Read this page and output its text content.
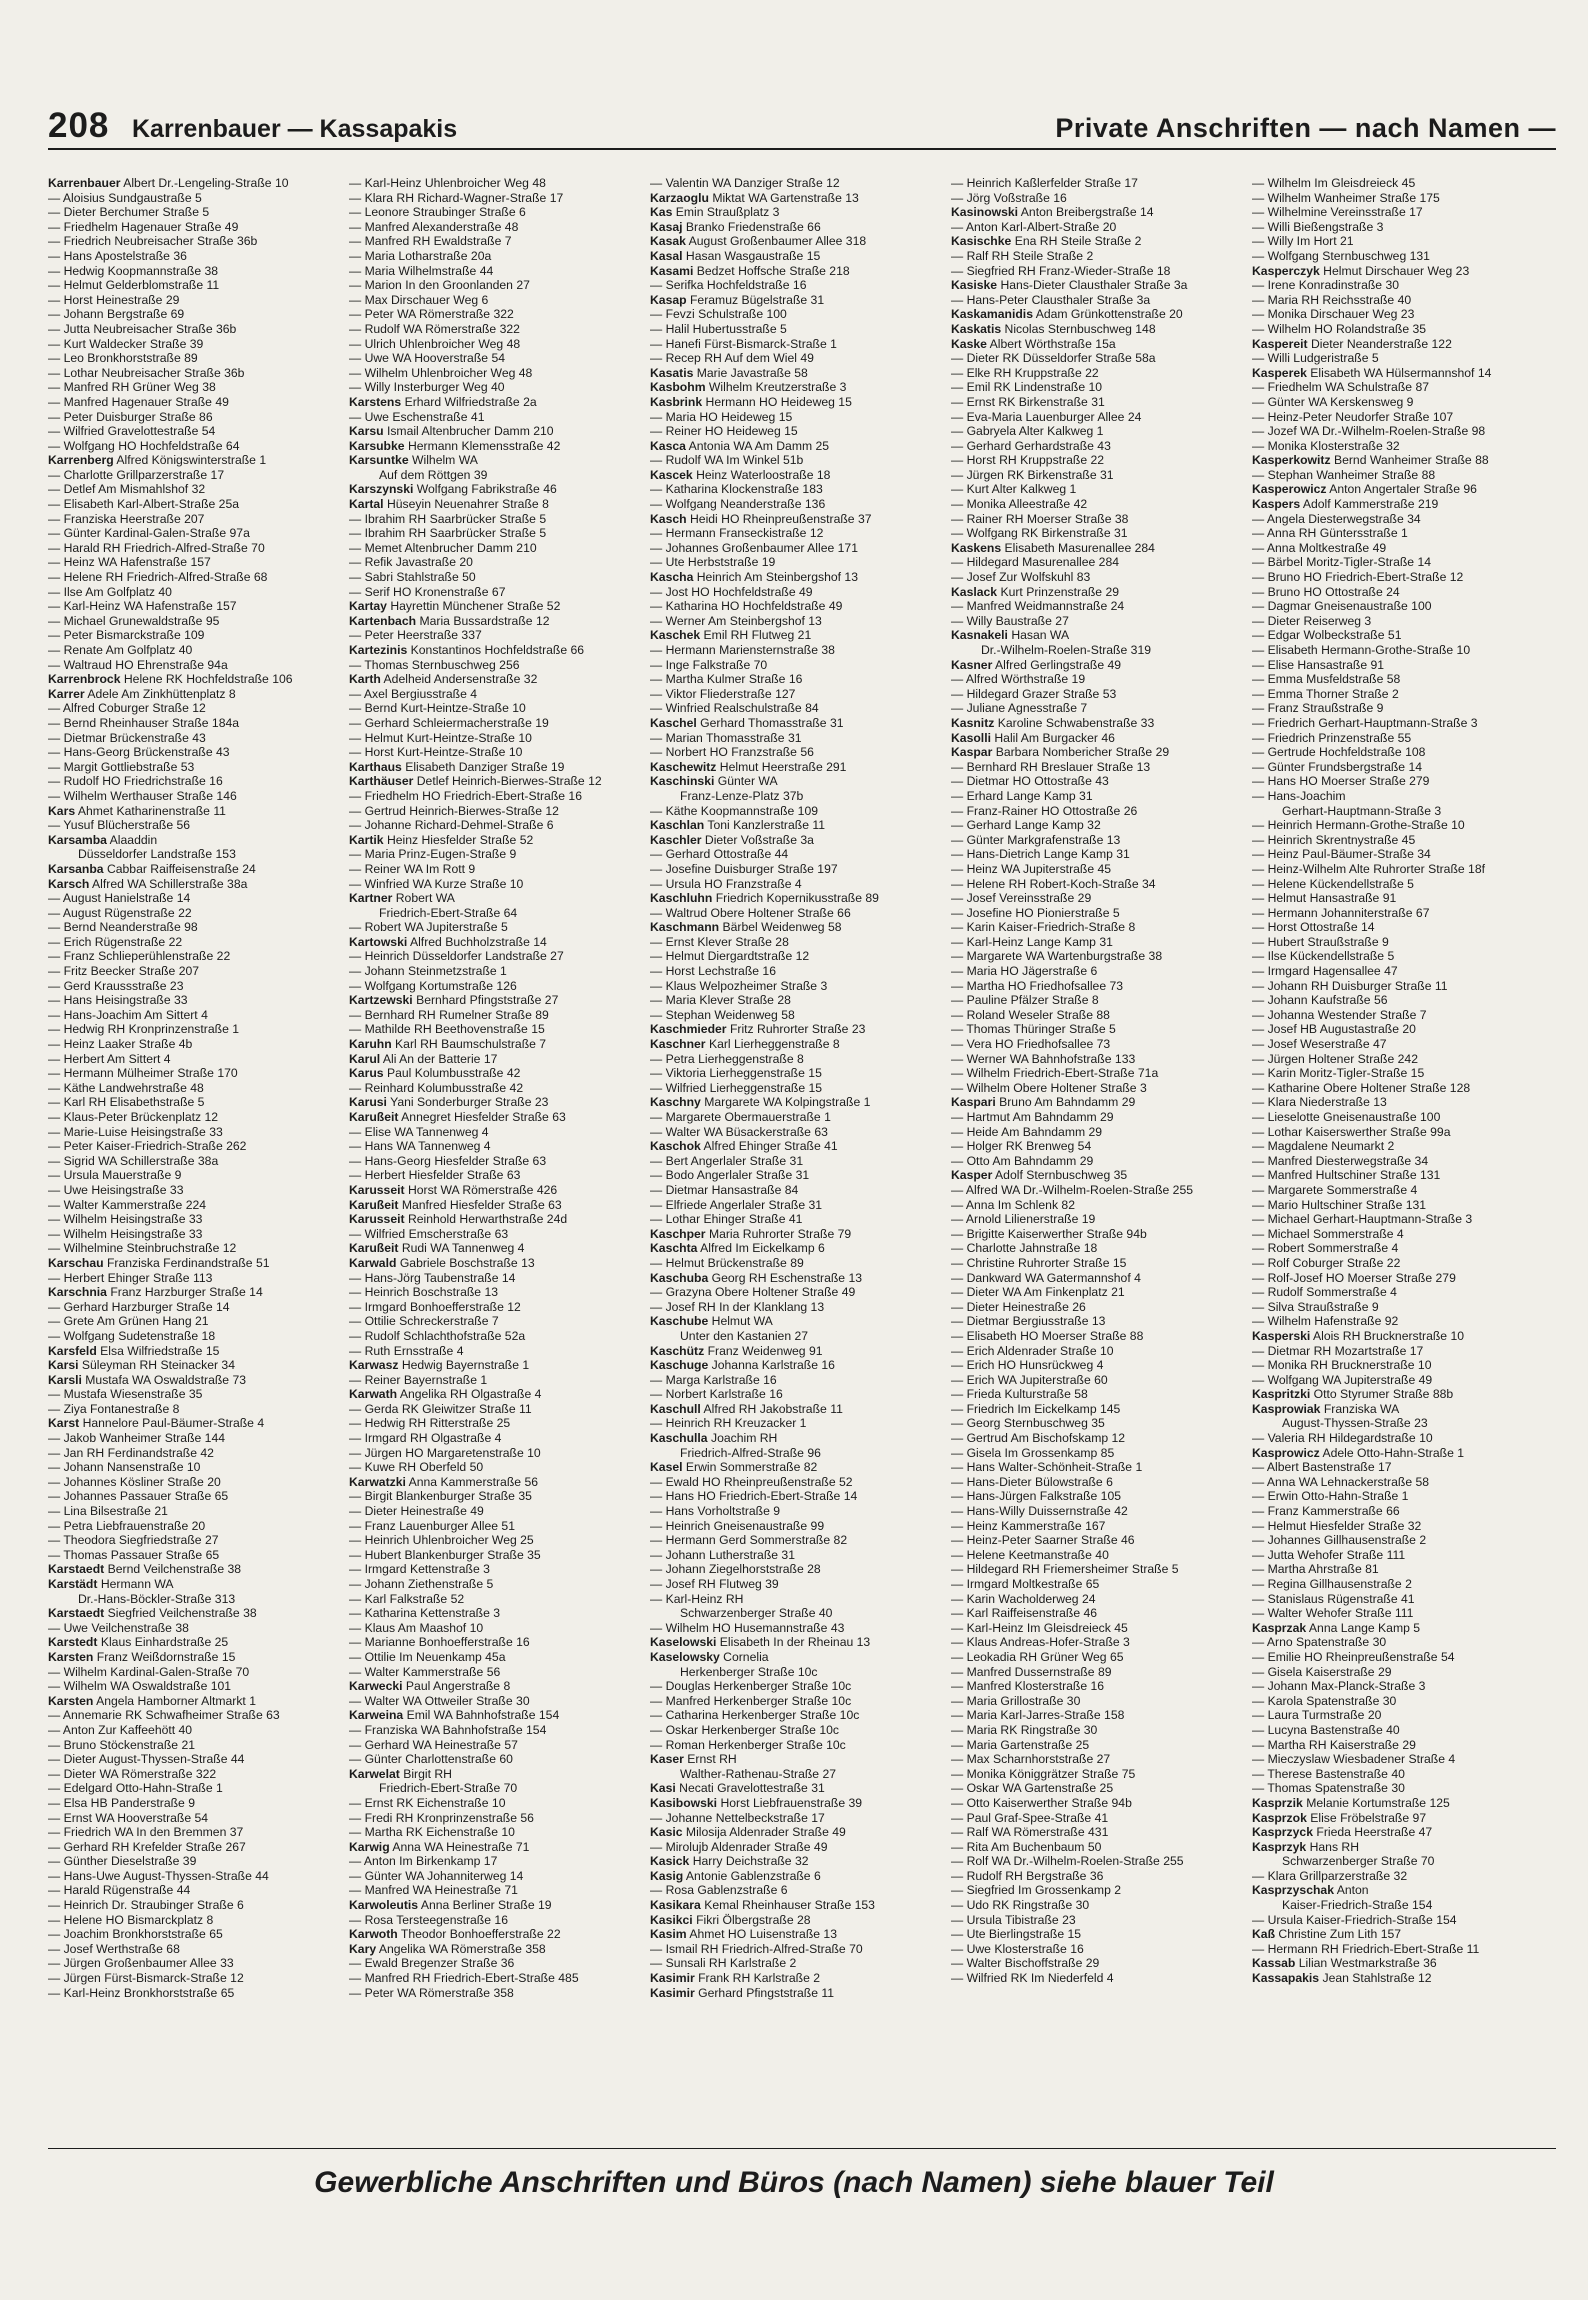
208 Karrenbauer — Kassapakis	Private Anschriften — nach Namen —
Karrenbauer Albert Dr.-Lengeling-Straße 10
— Aloisius Sundgaustraße 5
— Dieter Berchumer Straße 5
— Friedhelm Hagenauer Straße 49
— Friedrich Neubreisacher Straße 36b
— Hans Apostelstraße 36
— Hedwig Koopmannstraße 38
— Helmut Gelderblomstraße 11
— Horst Heinestraße 29
— Johann Bergstraße 69
— Jutta Neubreisacher Straße 36b
— Kurt Waldecker Straße 39
— Leo Bronkhorststraße 89
— Lothar Neubreisacher Straße 36b
— Manfred RH Grüner Weg 38
— Manfred Hagenauer Straße 49
— Peter Duisburger Straße 86
— Wilfried Gravelottestraße 54
— Wolfgang HO Hochfeldstraße 64
Karrenberg Alfred Königswinterstraße 1
— Charlotte Grillparzerstraße 17
— Detlef Am Mismahlshof 32
— Elisabeth Karl-Albert-Straße 25a
— Franziska Heerstraße 207
— Günter Kardinal-Galen-Straße 97a
— Harald RH Friedrich-Alfred-Straße 70
— Heinz WA Hafenstraße 157
— Helene RH Friedrich-Alfred-Straße 68
— Ilse Am Golfplatz 40
— Karl-Heinz WA Hafenstraße 157
— Michael Grunewaldstraße 95
— Peter Bismarckstraße 109
— Renate Am Golfplatz 40
— Waltraud HO Ehrenstraße 94a
Karrenbrock Helene RK Hochfeldstraße 106
Karrer Adele Am Zinkhüttenplatz 8
— Alfred Coburger Straße 12
— Bernd Rheinhauser Straße 184a
— Dietmar Brückenstraße 43
— Hans-Georg Brückenstraße 43
— Margit Gottliebstraße 53
— Rudolf HO Friedrichstraße 16
— Wilhelm Werthauser Straße 146
Kars Ahmet Katharinenstraße 11
— Yusuf Blücherstraße 56
Karsamba Alaaddin
Düsseldorfer Landstraße 153
Karsanba Cabbar Raiffeisenstraße 24
Karsch Alfred WA Schillerstraße 38a
— August Hanielstraße 14
— August Rügenstraße 22
— Bernd Neanderstraße 98
— Erich Rügenstraße 22
— Franz Schlieperühlenstraße 22
— Fritz Beecker Straße 207
— Gerd Kraussstraße 23
— Hans Heisingstraße 33
— Hans-Joachim Am Sittert 4
— Hedwig RH Kronprinzenstraße 1
— Heinz Laaker Straße 4b
— Herbert Am Sittert 4
— Hermann Mülheimer Straße 170
— Käthe Landwehrstraße 48
— Karl RH Elisabethstraße 5
— Klaus-Peter Brückenplatz 12
— Marie-Luise Heisingstraße 33
— Peter Kaiser-Friedrich-Straße 262
— Sigrid WA Schillerstraße 38a
— Ursula Mauerstraße 9
— Uwe Heisingstraße 33
— Walter Kammerstraße 224
— Wilhelm Heisingstraße 33
— Wilhelm Heisingstraße 33
— Wilhelmine Steinbruchstraße 12
Karschau Franziska Ferdinandstraße 51
— Herbert Ehinger Straße 113
Karschnia Franz Harzburger Straße 14
— Gerhard Harzburger Straße 14
— Grete Am Grünen Hang 21
— Wolfgang Sudetenstraße 18
Karsfeld Elsa Wilfriedstraße 15
Karsi Süleyman RH Steinacker 34
Karsli Mustafa WA Oswaldstraße 73
— Mustafa Wiesenstraße 35
— Ziya Fontanestraße 8
Karst Hannelore Paul-Bäumer-Straße 4
— Jakob Wanheimer Straße 144
— Jan RH Ferdinandstraße 42
— Johann Nansenstraße 10
— Johannes Kösliner Straße 20
— Johannes Passauer Straße 65
— Lina Bilsestraße 21
— Petra Liebfrauenstraße 20
— Theodora Siegfriedstraße 27
— Thomas Passauer Straße 65
Karstaedt Bernd Veilchenstraße 38
Karstädt Hermann WA
Dr.-Hans-Böckler-Straße 313
Karstaedt Siegfried Veilchenstraße 38
— Uwe Veilchenstraße 38
Karstedt Klaus Einhardstraße 25
Karsten Franz Weißdornstraße 15
— Wilhelm Kardinal-Galen-Straße 70
— Wilhelm WA Oswaldstraße 101
Karsten Angela Hamborner Altmarkt 1
— Annemarie RK Schwafheimer Straße 63
— Anton Zur Kaffeehött 40
— Bruno Stöckenstraße 21
— Dieter August-Thyssen-Straße 44
— Dieter WA Römerstraße 322
— Edelgard Otto-Hahn-Straße 1
— Elsa HB Panderstraße 9
— Ernst WA Hooverstraße 54
— Friedrich WA In den Bremmen 37
— Gerhard RH Krefelder Straße 267
— Günther Dieselstraße 39
— Hans-Uwe August-Thyssen-Straße 44
— Harald Rügenstraße 44
— Heinrich Dr. Straubinger Straße 6
— Helene HO Bismarckplatz 8
— Joachim Bronkhorststraße 65
— Josef Werthstraße 68
— Jürgen Großenbaumer Allee 33
— Jürgen Fürst-Bismarck-Straße 12
— Karl-Heinz Bronkhorststraße 65
— Karl-Heinz Uhlenbroicher Weg 48
— Klara RH Richard-Wagner-Straße 17
— Leonore Straubinger Straße 6
— Manfred Alexanderstraße 48
— Manfred RH Ewaldstraße 7
— Maria Lotharstraße 20a
— Maria Wilhelmstraße 44
— Marion In den Groonlanden 27
— Max Dirschauer Weg 6
— Peter WA Römerstraße 322
— Rudolf WA Römerstraße 322
— Ulrich Uhlenbroicher Weg 48
— Uwe WA Hooverstraße 54
— Wilhelm Uhlenbroicher Weg 48
— Willy Insterburger Weg 40
Karstens Erhard Wilfriedstraße 2a
— Uwe Eschenstraße 41
Karsu Ismail Altenbrucher Damm 210
Karsubke Hermann Klemensstraße 42
Karsuntke Wilhelm WA
Auf dem Röttgen 39
Karszynski Wolfgang Fabrikstraße 46
Kartal Hüseyin Neuenahrer Straße 8
— Ibrahim RH Saarbrücker Straße 5
— Ibrahim RH Saarbrücker Straße 5
— Memet Altenbrucher Damm 210
— Refik Javastraße 20
— Sabri Stahlstraße 50
— Serif HO Kronenstraße 67
Kartay Hayrettin Münchener Straße 52
Kartenbach Maria Bussardstraße 12
— Peter Heerstraße 337
Kartezinis Konstantinos Hochfeldstraße 66
— Thomas Sternbuschweg 256
Karth Adelheid Andersenstraße 32
— Axel Bergiusstraße 4
— Bernd Kurt-Heintze-Straße 10
— Gerhard Schleiermacherstraße 19
— Helmut Kurt-Heintze-Straße 10
— Horst Kurt-Heintze-Straße 10
Karthaus Elisabeth Danziger Straße 19
Karthäuser Detlef Heinrich-Bierwes-Straße 12
— Friedhelm HO Friedrich-Ebert-Straße 16
— Gertrud Heinrich-Bierwes-Straße 12
— Johanne Richard-Dehmel-Straße 6
Kartik Heinz Hiesfelder Straße 52
— Maria Prinz-Eugen-Straße 9
— Reiner WA Im Rott 9
— Winfried WA Kurze Straße 10
Kartner Robert WA
Friedrich-Ebert-Straße 64
— Robert WA Jupiterstraße 5
Kartowski Alfred Buchholzstraße 14
— Heinrich Düsseldorfer Landstraße 27
— Johann Steinmetzstraße 1
— Wolfgang Kortumstraße 126
Kartzewski Bernhard Pfingststraße 27
— Bernhard RH Rumelner Straße 89
— Mathilde RH Beethovenstraße 15
Karuhn Karl RH Baumschulstraße 7
Karul Ali An der Batterie 17
Karus Paul Kolumbusstraße 42
— Reinhard Kolumbusstraße 42
Karusi Yani Sonderburger Straße 23
Karußeit Annegret Hiesfelder Straße 63
— Elise WA Tannenweg 4
— Hans WA Tannenweg 4
— Hans-Georg Hiesfelder Straße 63
— Herbert Hiesfelder Straße 63
Karusseit Horst WA Römerstraße 426
Karußeit Manfred Hiesfelder Straße 63
Karusseit Reinhold Herwarthstraße 24d
— Wilfried Emscherstraße 63
Karußeit Rudi WA Tannenweg 4
Karwald Gabriele Boschstraße 13
— Hans-Jörg Taubenstraße 14
— Heinrich Boschstraße 13
— Irmgard Bonhoefferstraße 12
— Ottilie Schreckerstraße 7
— Rudolf Schlachthofstraße 52a
— Ruth Ernsstraße 4
Karwasz Hedwig Bayernstraße 1
— Reiner Bayernstraße 1
Karwath Angelika RH Olgastraße 4
— Gerda RK Gleiwitzer Straße 11
— Hedwig RH Ritterstraße 25
— Irmgard RH Olgastraße 4
— Jürgen HO Margaretenstraße 10
— Kuwe RH Oberfeld 50
Karwatzki Anna Kammerstraße 56
— Birgit Blankenburger Straße 35
— Dieter Heinestraße 49
— Franz Lauenburger Allee 51
— Heinrich Uhlenbroicher Weg 25
— Hubert Blankenburger Straße 35
— Irmgard Kettenstraße 3
— Johann Ziethenstraße 5
— Karl Falkstraße 52
— Katharina Kettenstraße 3
— Klaus Am Maashof 10
— Marianne Bonhoefferstraße 16
— Ottilie Im Neuenkamp 45a
— Walter Kammerstraße 56
Karwecki Paul Angerstraße 8
— Walter WA Ottweiler Straße 30
Karweina Emil WA Bahnhofstraße 154
— Franziska WA Bahnhofstraße 154
— Gerhard WA Heinestraße 57
— Günter Charlottenstraße 60
Karwelat Birgit RH
Friedrich-Ebert-Straße 70
— Ernst RK Eichenstraße 10
— Fredi RH Kronprinzenstraße 56
— Martha RK Eichenstraße 10
Karwig Anna WA Heinestraße 71
— Anton Im Birkenkamp 17
— Günter WA Johanniterweg 14
— Manfred WA Heinestraße 71
Karwoleutis Anna Berliner Straße 19
— Rosa Tersteegenstraße 16
Karwoth Theodor Bonhoefferstraße 22
Kary Angelika WA Römerstraße 358
— Ewald Bregenzer Straße 36
— Manfred RH Friedrich-Ebert-Straße 485
— Peter WA Römerstraße 358
— Valentin WA Danziger Straße 12
Karzaoglu Miktat WA Gartenstraße 13
Kas Emin Straußplatz 3
Kasaj Branko Friedenstraße 66
Kasak August Großenbaumer Allee 318
Kasal Hasan Wasgaustraße 15
Kasami Bedzet Hoffsche Straße 218
— Serifka Hochfeldstraße 16
Kasap Feramuz Bügelstraße 31
— Fevzi Schulstraße 100
— Halil Hubertusstraße 5
— Hanefi Fürst-Bismarck-Straße 1
— Recep RH Auf dem Wiel 49
Kasatis Marie Javastraße 58
Kasbohm Wilhelm Kreutzerstraße 3
Kasbrink Hermann HO Heideweg 15
— Maria HO Heideweg 15
— Reiner HO Heideweg 15
Kasca Antonia WA Am Damm 25
— Rudolf WA Im Winkel 51b
Kascek Heinz Waterloostraße 18
— Katharina Klockenstraße 183
— Wolfgang Neanderstraße 136
Kasch Heidi HO Rheinpreußenstraße 37
— Hermann Franseckistraße 12
— Johannes Großenbaumer Allee 171
— Ute Herbststraße 19
Kascha Heinrich Am Steinbergshof 13
— Jost HO Hochfeldstraße 49
— Katharina HO Hochfeldstraße 49
— Werner Am Steinbergshof 13
Kaschek Emil RH Flutweg 21
— Hermann Mariensternstraße 38
— Inge Falkstraße 70
— Martha Kulmer Straße 16
— Viktor Fliederstraße 127
— Winfried Realschulstraße 84
Kaschel Gerhard Thomasstraße 31
— Marian Thomasstraße 31
— Norbert HO Franzstraße 56
Kaschewitz Helmut Heerstraße 291
Kaschinski Günter WA
Franz-Lenze-Platz 37b
— Käthe Koopmannstraße 109
Kaschlan Toni Kanzlerstraße 11
Kaschler Dieter Voßstraße 3a
— Gerhard Ottostraße 44
— Josefine Duisburger Straße 197
— Ursula HO Franzstraße 4
Kaschluhn Friedrich Kopernikusstraße 89
— Waltrud Obere Holtener Straße 66
Kaschmann Bärbel Weidenweg 58
— Ernst Klever Straße 28
— Helmut Diergardtstraße 12
— Horst Lechstraße 16
— Klaus Welpozheimer Straße 3
— Maria Klever Straße 28
— Stephan Weidenweg 58
Kaschmieder Fritz Ruhrorter Straße 23
Kaschner Karl Lierheggenstraße 8
— Petra Lierheggenstraße 8
— Viktoria Lierheggenstraße 15
— Wilfried Lierheggenstraße 15
Kaschny Margarete WA Kolpingstraße 1
— Margarete Obermauerstraße 1
— Walter WA Büsackerstraße 63
Kaschok Alfred Ehinger Straße 41
— Bert Angerlaler Straße 31
— Bodo Angerlaler Straße 31
— Dietmar Hansastraße 84
— Elfriede Angerlaler Straße 31
— Lothar Ehinger Straße 41
Kaschper Maria Ruhrorter Straße 79
Kaschta Alfred Im Eickelkamp 6
— Helmut Brückenstraße 89
Kaschuba Georg RH Eschenstraße 13
— Grazyna Obere Holtener Straße 49
— Josef RH In der Klanklang 13
Kaschube Helmut WA
Unter den Kastanien 27
Kaschütz Franz Weidenweg 91
Kaschuge Johanna Karlstraße 16
— Marga Karlstraße 16
— Norbert Karlstraße 16
Kaschull Alfred RH Jakobstraße 11
— Heinrich RH Kreuzacker 1
Kaschulla Joachim RH
Friedrich-Alfred-Straße 96
Kasel Erwin Sommerstraße 82
— Ewald HO Rheinpreußenstraße 52
— Hans HO Friedrich-Ebert-Straße 14
— Hans Vorholtstraße 9
— Heinrich Gneisenaustraße 99
— Hermann Gerd Sommerstraße 82
— Johann Lutherstraße 31
— Johann Ziegelhorststraße 28
— Josef RH Flutweg 39
— Karl-Heinz RH
Schwarzenberger Straße 40
— Wilhelm HO Husemannstraße 43
Kaselowski Elisabeth In der Rheinau 13
Kaselowsky Cornelia
Herkenberger Straße 10c
— Douglas Herkenberger Straße 10c
— Manfred Herkenberger Straße 10c
— Catharina Herkenberger Straße 10c
— Oskar Herkenberger Straße 10c
— Roman Herkenberger Straße 10c
Kaser Ernst RH
Walther-Rathenau-Straße 27
Kasi Necati Gravelottestraße 31
Kasibowski Horst Liebfrauenstraße 39
— Johanne Nettelbeckstraße 17
Kasic Milosija Aldenrader Straße 49
— Mirolujb Aldenrader Straße 49
Kasick Harry Deichstraße 32
Kasig Antonie Gablenzstraße 6
— Rosa Gablenzstraße 6
Kasikara Kemal Rheinhauser Straße 153
Kasikci Fikri Ölbergstraße 28
Kasim Ahmet HO Luisenstraße 13
— Ismail RH Friedrich-Alfred-Straße 70
— Sunsali RH Karlstraße 2
Kasimir Frank RH Karlstraße 2
Kasimir Gerhard Pfingststraße 11
— Heinrich Kaßlerfelder Straße 17
— Jörg Voßstraße 16
Kasinowski Anton Breibergstraße 14
— Anton Karl-Albert-Straße 20
Kasischke Ena RH Steile Straße 2
— Ralf RH Steile Straße 2
— Siegfried RH Franz-Wieder-Straße 18
Kasiske Hans-Dieter Clausthaler Straße 3a
— Hans-Peter Clausthaler Straße 3a
Kaskamanidis Adam Grünkottenstraße 20
Kaskatis Nicolas Sternbuschweg 148
Kaske Albert Wörthstraße 15a
— Dieter RK Düsseldorfer Straße 58a
— Elke RH Kruppstraße 22
— Emil RK Lindenstraße 10
— Ernst RK Birkenstraße 31
— Eva-Maria Lauenburger Allee 24
— Gabryela Alter Kalkweg 1
— Gerhard Gerhardstraße 43
— Horst RH Kruppstraße 22
— Jürgen RK Birkenstraße 31
— Kurt Alter Kalkweg 1
— Monika Alleestraße 42
— Rainer RH Moerser Straße 38
— Wolfgang RK Birkenstraße 31
Kaskens Elisabeth Masurenallee 284
— Hildegard Masurenallee 284
— Josef Zur Wolfskuhl 83
Kaslack Kurt Prinzenstraße 29
— Manfred Weidmannstraße 24
— Willy Baustraße 27
Kasnakeli Hasan WA
Dr.-Wilhelm-Roelen-Straße 319
Kasner Alfred Gerlingstraße 49
— Alfred Wörthstraße 19
— Hildegard Grazer Straße 53
— Juliane Agnesstraße 7
Kasnitz Karoline Schwabenstraße 33
Kasolli Halil Am Burgacker 46
Kaspar Barbara Nombericher Straße 29
— Bernhard RH Breslauer Straße 13
— Dietmar HO Ottostraße 43
— Erhard Lange Kamp 31
— Franz-Rainer HO Ottostraße 26
— Gerhard Lange Kamp 32
— Günter Markgrafenstraße 13
— Hans-Dietrich Lange Kamp 31
— Heinz WA Jupiterstraße 45
— Helene RH Robert-Koch-Straße 34
— Josef Vereinsstraße 29
— Josefine HO Pionierstraße 5
— Karin Kaiser-Friedrich-Straße 8
— Karl-Heinz Lange Kamp 31
— Margarete WA Wartenburgstraße 38
— Maria HO Jägerstraße 6
— Martha HO Friedhofsallee 73
— Pauline Pfälzer Straße 8
— Roland Weseler Straße 88
— Thomas Thüringer Straße 5
— Vera HO Friedhofsallee 73
— Werner WA Bahnhofstraße 133
— Wilhelm Friedrich-Ebert-Straße 71a
— Wilhelm Obere Holtener Straße 3
Kaspari Bruno Am Bahndamm 29
— Hartmut Am Bahndamm 29
— Heide Am Bahndamm 29
— Holger RK Brenweg 54
— Otto Am Bahndamm 29
Kasper Adolf Sternbuschweg 35
— Alfred WA Dr.-Wilhelm-Roelen-Straße 255
— Anna Im Schlenk 82
— Arnold Lilienerstraße 19
— Brigitte Kaiserwerther Straße 94b
— Charlotte Jahnstraße 18
— Christine Ruhrorter Straße 15
— Dankward WA Gatermannshof 4
— Dieter WA Am Finkenplatz 21
— Dieter Heinestraße 26
— Dietmar Bergiusstraße 13
— Elisabeth HO Moerser Straße 88
— Erich Aldenrader Straße 10
— Erich HO Hunsrückweg 4
— Erich WA Jupiterstraße 60
— Frieda Kulturstraße 58
— Friedrich Im Eickelkamp 145
— Georg Sternbuschweg 35
— Gertrud Am Bischofskamp 12
— Gisela Im Grossenkamp 85
— Hans Walter-Schönheit-Straße 1
— Hans-Dieter Bülowstraße 6
— Hans-Jürgen Falkstraße 105
— Hans-Willy Duissernstraße 42
— Heinz Kammerstraße 167
— Heinz-Peter Saarner Straße 46
— Helene Keetmanstraße 40
— Hildegard RH Friemersheimer Straße 5
— Irmgard Moltkestraße 65
— Karin Wacholderweg 24
— Karl Raiffeisenstraße 46
— Karl-Heinz Im Gleisdreieck 45
— Klaus Andreas-Hofer-Straße 3
— Leokadia RH Grüner Weg 65
— Manfred Dussernstraße 89
— Manfred Klosterstraße 16
— Maria Grillostraße 30
— Maria Karl-Jarres-Straße 158
— Maria RK Ringstraße 30
— Maria Gartenstraße 25
— Max Scharnhorststraße 27
— Monika Königgrätzer Straße 75
— Oskar WA Gartenstraße 25
— Otto Kaiserwerther Straße 94b
— Paul Graf-Spee-Straße 41
— Ralf WA Römerstraße 431
— Rita Am Buchenbaum 50
— Rolf WA Dr.-Wilhelm-Roelen-Straße 255
— Rudolf RH Bergstraße 36
— Siegfried Im Grossenkamp 2
— Udo RK Ringstraße 30
— Ursula Tibistraße 23
— Ute Bierlingstraße 15
— Uwe Klosterstraße 16
— Walter Bischoffstraße 29
— Wilfried RK Im Niederfeld 4
— Wilhelm Im Gleisdreieck 45
— Wilhelm Wanheimer Straße 175
— Wilhelmine Vereinsstraße 17
— Willi Bießengstraße 3
— Willy Im Hort 21
— Wolfgang Sternbuschweg 131
Kasperczyk Helmut Dirschauer Weg 23
— Irene Konradinstraße 30
— Maria RH Reichsstraße 40
— Monika Dirschauer Weg 23
— Wilhelm HO Rolandstraße 35
Kaspereit Dieter Neanderstraße 122
— Willi Ludgeristraße 5
Kasperek Elisabeth WA Hülsermannshof 14
— Friedhelm WA Schulstraße 87
— Günter WA Kerskensweg 9
— Heinz-Peter Neudorfer Straße 107
— Jozef WA Dr.-Wilhelm-Roelen-Straße 98
— Monika Klosterstraße 32
Kasperkowitz Bernd Wanheimer Straße 88
— Stephan Wanheimer Straße 88
Kasperowicz Anton Angertaler Straße 96
Kaspers Adolf Kammerstraße 219
— Angela Diesterwegstraße 34
— Anna RH Güntersstraße 1
— Anna Moltkestraße 49
— Bärbel Moritz-Tigler-Straße 14
— Bruno HO Friedrich-Ebert-Straße 12
— Bruno HO Ottostraße 24
— Dagmar Gneisenaustraße 100
— Dieter Reiserweg 3
— Edgar Wolbeckstraße 51
— Elisabeth Hermann-Grothe-Straße 10
— Elise Hansastraße 91
— Emma Musfeldstraße 58
— Emma Thorner Straße 2
— Franz Straußstraße 9
— Friedrich Gerhart-Hauptmann-Straße 3
— Friedrich Prinzenstraße 55
— Gertrude Hochfeldstraße 108
— Günter Frundsbergstraße 14
— Hans HO Moerser Straße 279
— Hans-Joachim
Gerhart-Hauptmann-Straße 3
— Heinrich Hermann-Grothe-Straße 10
— Heinrich Skrentnystraße 45
— Heinz Paul-Bäumer-Straße 34
— Heinz-Wilhelm Alte Ruhrorter Straße 18f
— Helene Kückendellstraße 5
— Helmut Hansastraße 91
— Hermann Johanniterstraße 67
— Horst Ottostraße 14
— Hubert Straußstraße 9
— Ilse Kückendellstraße 5
— Irmgard Hagensallee 47
— Johann RH Duisburger Straße 11
— Johann Kaufstraße 56
— Johanna Westender Straße 7
— Josef HB Augustastraße 20
— Josef Weserstraße 47
— Jürgen Holtener Straße 242
— Karin Moritz-Tigler-Straße 15
— Katharine Obere Holtener Straße 128
— Klara Niederstraße 13
— Lieselotte Gneisenaustraße 100
— Lothar Kaiserswerther Straße 99a
— Magdalene Neumarkt 2
— Manfred Diesterwegstraße 34
— Manfred Hultschiner Straße 131
— Margarete Sommerstraße 4
— Mario Hultschiner Straße 131
— Michael Gerhart-Hauptmann-Straße 3
— Michael Sommerstraße 4
— Robert Sommerstraße 4
— Rolf Coburger Straße 22
— Rolf-Josef HO Moerser Straße 279
— Rudolf Sommerstraße 4
— Silva Straußstraße 9
— Wilhelm Hafenstraße 92
Kasperski Alois RH Brucknerstraße 10
— Dietmar RH Mozartstraße 17
— Monika RH Brucknerstraße 10
— Wolfgang WA Jupiterstraße 49
Kaspritzki Otto Styrumer Straße 88b
Kasprowiak Franziska WA
August-Thyssen-Straße 23
— Valeria RH Hildegardstraße 10
Kasprowicz Adele Otto-Hahn-Straße 1
— Albert Bastenstraße 17
— Anna WA Lehnackerstraße 58
— Erwin Otto-Hahn-Straße 1
— Franz Kammerstraße 66
— Helmut Hiesfelder Straße 32
— Johannes Gillhausenstraße 2
— Jutta Wehofer Straße 111
— Martha Ahrstraße 81
— Regina Gillhausenstraße 2
— Stanislaus Rügenstraße 41
— Walter Wehofer Straße 111
Kasprzak Anna Lange Kamp 5
— Arno Spatenstraße 30
— Emilie HO Rheinpreußenstraße 54
— Gisela Kaiserstraße 29
— Johann Max-Planck-Straße 3
— Karola Spatenstraße 30
— Laura Turmstraße 20
— Lucyna Bastenstraße 40
— Martha RH Kaiserstraße 29
— Mieczyslaw Wiesbadener Straße 4
— Therese Bastenstraße 40
— Thomas Spatenstraße 30
Kasprzik Melanie Kortumstraße 125
Kasprzok Elise Fröbelstraße 97
Kasprzyck Frieda Heerstraße 47
Kasprzyk Hans RH
Schwarzenberger Straße 70
— Klara Grillparzerstraße 32
Kasprzyschak Anton
Kaiser-Friedrich-Straße 154
— Ursula Kaiser-Friedrich-Straße 154
Kaß Christine Zum Lith 157
— Hermann RH Friedrich-Ebert-Straße 11
Kassab Lilian Westmarkstraße 36
Kassapakis Jean Stahlstraße 12
Gewerbliche Anschriften und Büros (nach Namen) siehe blauer Teil
